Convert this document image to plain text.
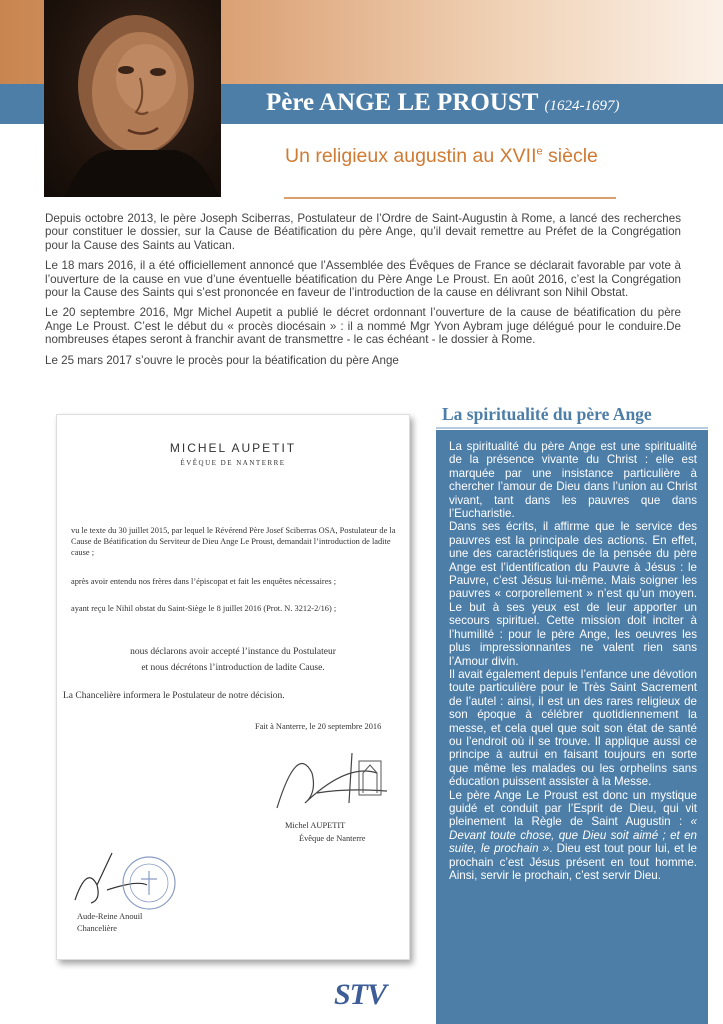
Père ANGE LE PROUST (1624-1697)
Un religieux augustin au XVIIe siècle

Depuis octobre 2013, le père Joseph Sciberras, Postulateur de l’Ordre de Saint-Augustin à Rome, a lancé des recherches pour constituer le dossier, sur la Cause de Béatification du père Ange, qu’il devait remettre au Préfet de la Congrégation pour la Cause des Saints au Vatican.

Le 18 mars 2016, il a été officiellement annoncé que l’Assemblée des Évêques de France se déclarait favorable par vote à l’ouverture de la cause en vue d’une éventuelle béatification du Père Ange Le Proust. En août 2016, c’est la Congrégation pour la Cause des Saints qui s’est prononcée en faveur de l’introduction de la cause en délivrant son Nihil Obstat.

Le 20 septembre 2016, Mgr Michel Aupetit a publié le décret ordonnant l’ouverture de la cause de béatification du père Ange Le Proust. C’est le début du « procès diocésain » : il a nommé Mgr Yvon Aybram juge délégué pour le conduire.De nombreuses étapes seront à franchir avant de transmettre - le cas échéant - le dossier à Rome.

Le 25 mars 2017 s’ouvre le procès pour la béatification du père Ange

MICHEL AUPETIT
ÉVÊQUE DE NANTERRE
vu le texte du 30 juillet 2015, par lequel le Révérend Père Josef Sciberras OSA, Postulateur de la Cause de Béatification du Serviteur de Dieu Ange Le Proust, demandait l’introduction de ladite cause ;
après avoir entendu nos frères dans l’épiscopat et fait les enquêtes nécessaires ;
ayant reçu le Nihil obstat du Saint-Siège le 8 juillet 2016 (Prot. N. 3212-2/16) ;
nous déclarons avoir accepté l’instance du Postulateur
et nous décrétons l’introduction de ladite Cause.
La Chancelière informera le Postulateur de notre décision.
Fait à Nanterre, le 20 septembre 2016
Michel AUPETIT
Évêque de Nanterre
Aude-Reine Anouil
Chancelière
STV
La spiritualité du père Ange

La spiritualité du père Ange est une spiritualité de la présence vivante du Christ : elle est marquée par une insistance particulière à chercher l’amour de Dieu dans l’union au Christ vivant, tant dans les pauvres que dans l’Eucharistie.

Dans ses écrits, il affirme que le service des pauvres est la principale des actions. En effet, une des caractéristiques de la pensée du père Ange est l’identification du Pauvre à Jésus : le Pauvre, c’est Jésus lui-même. Mais soigner les pauvres « corporellement » n’est qu’un moyen. Le but à ses yeux est de leur apporter un secours spirituel. Cette mission doit inciter à l’humilité : pour le père Ange, les oeuvres les plus impressionnantes ne valent rien sans l’Amour divin.

Il avait également depuis l’enfance une dévotion toute particulière pour le Très Saint Sacrement de l’autel : ainsi, il est un des rares religieux de son époque à célébrer quotidiennement la messe, et cela quel que soit son état de santé ou l’endroit où il se trouve. Il applique aussi ce principe à autrui en faisant toujours en sorte que même les malades ou les orphelins sans éducation puissent assister à la Messe.

Le père Ange Le Proust est donc un mystique guidé et conduit par l’Esprit de Dieu, qui vit pleinement la Règle de Saint Augustin : « Devant toute chose, que Dieu soit aimé ; et en suite, le prochain ». Dieu est tout pour lui, et le prochain c’est Jésus présent en tout homme. Ainsi, servir le prochain, c’est servir Dieu.
